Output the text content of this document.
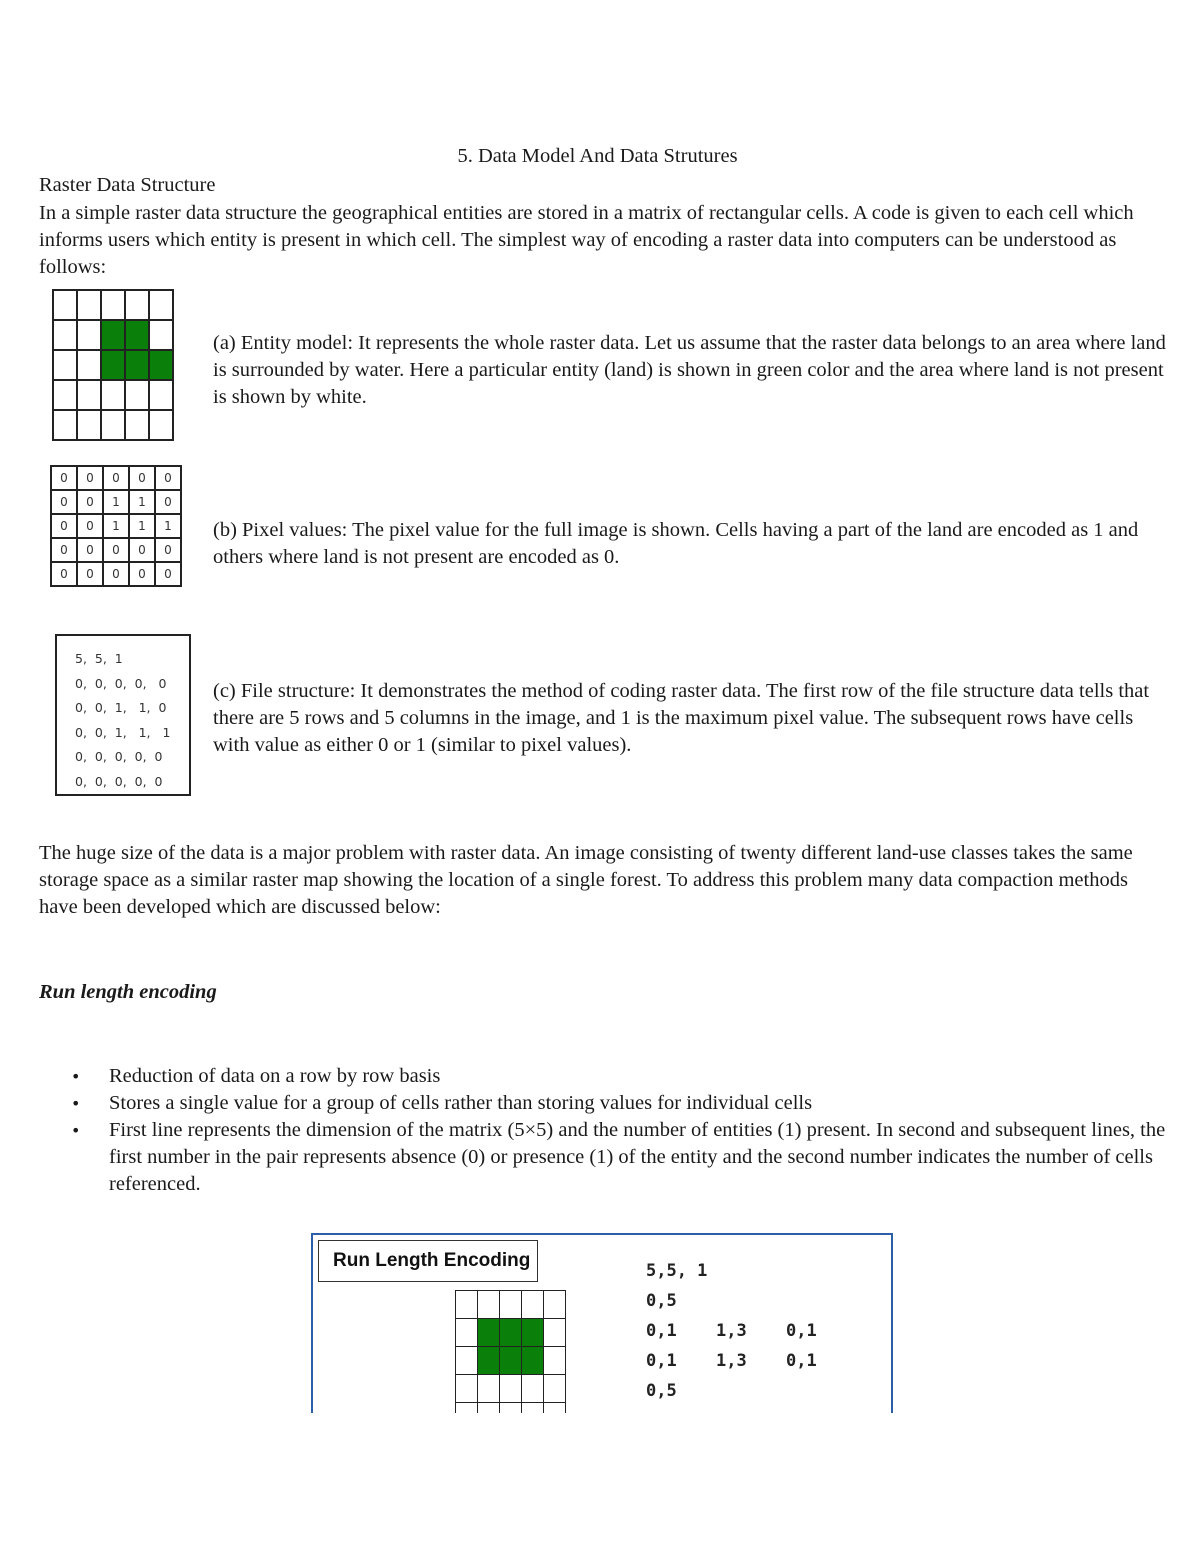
5. Data Model And Data Strutures
Raster Data Structure
In a simple raster data structure the geographical entities are stored in a matrix of rectangular cells. A code is given to each cell which informs users which entity is present in which cell. The simplest way of encoding a raster data into computers can be understood as follows:

(a) Entity model: It represents the whole raster data. Let us assume that the raster data belongs to an area where land is surrounded by water. Here a particular entity (land) is shown in green color and the area where land is not present is shown by white.
0	0	0	0	0
0	0	1	1	0
0	0	1	1	1
0	0	0	0	0
0	0	0	0	0
(b) Pixel values: The pixel value for the full image is shown. Cells having a part of the land are encoded as 1 and others where land is not present are encoded as 0.
5,  5,  1
0,  0,  0,  0,   0
0,  0,  1,   1,  0
0,  0,  1,   1,   1
0,  0,  0,  0,  0
0,  0,  0,  0,  0
(c) File structure: It demonstrates the method of coding raster data. The first row of the file structure data tells that there are 5 rows and 5 columns in the image, and 1 is the maximum pixel value. The subsequent rows have cells with value as either 0 or 1 (similar to pixel values).
The huge size of the data is a major problem with raster data. An image consisting of twenty different land-use classes takes the same storage space as a similar raster map showing the location of a single forest. To address this problem many data compaction methods have been developed which are discussed below:
Run length encoding
• Reduction of data on a row by row basis
• Stores a single value for a group of cells rather than storing values for individual cells
• First line represents the dimension of the matrix (5×5) and the number of entities (1) present. In second and subsequent lines, the first number in the pair represents absence (0) or presence (1) of the entity and the second number indicates the number of cells referenced.
Run Length Encoding

					5,5, 1
0,5
0,1 1,3 0,1
0,1 1,3 0,1
0,5
